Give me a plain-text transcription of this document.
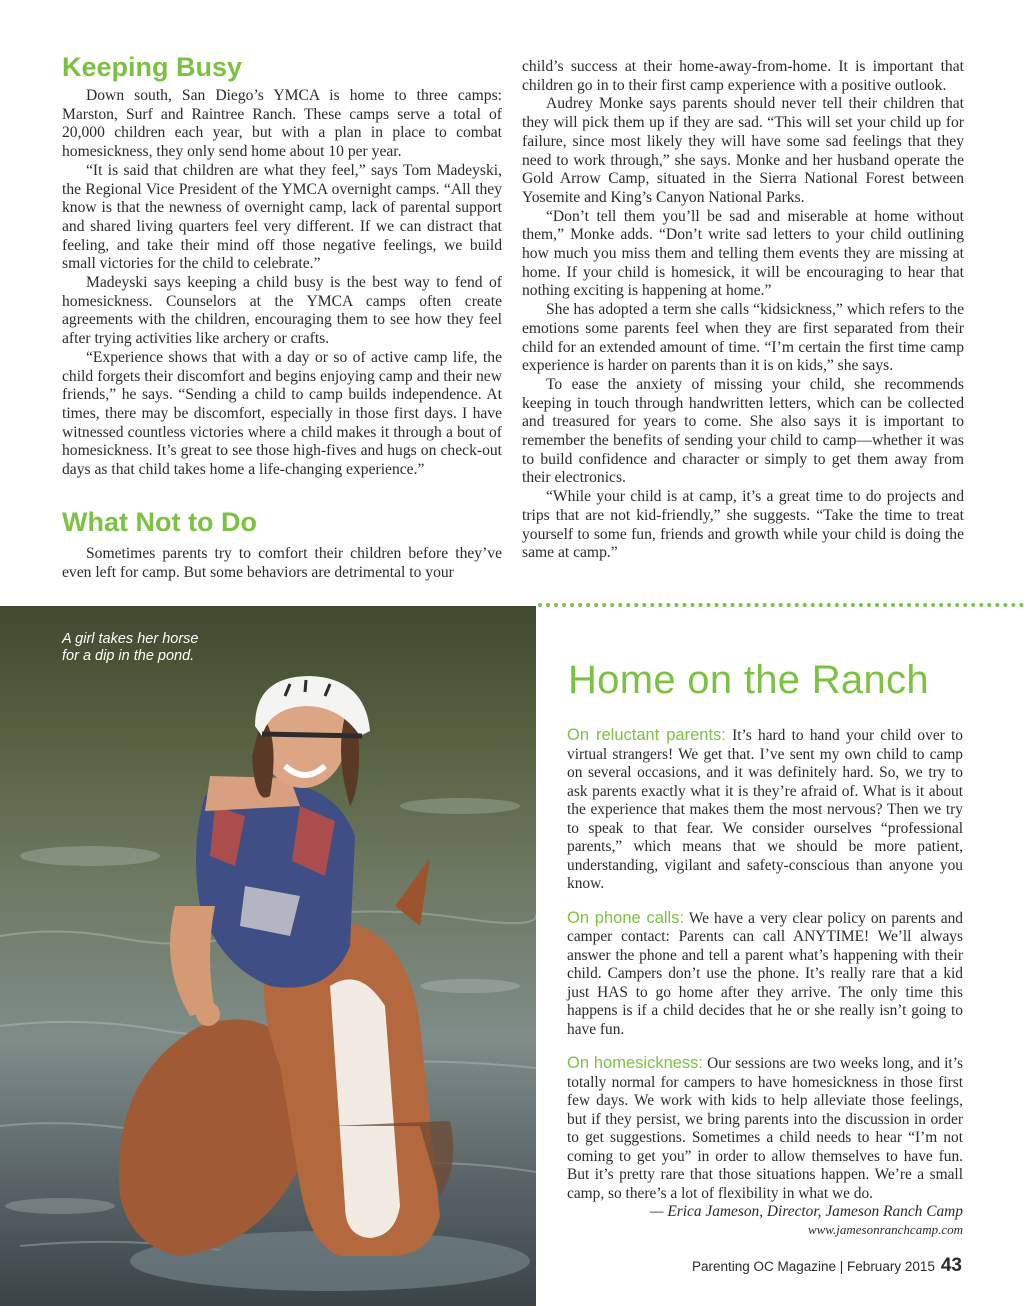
Keeping Busy

Down south, San Diego’s YMCA is home to three camps: Marston, Surf and Raintree Ranch. These camps serve a total of 20,000 children each year, but with a plan in place to combat homesickness, they only send home about 10 per year.

“It is said that children are what they feel,” says Tom Madeyski, the Regional Vice President of the YMCA overnight camps. “All they know is that the newness of overnight camp, lack of parental support and shared living quarters feel very different. If we can distract that feeling, and take their mind off those negative feelings, we build small victories for the child to celebrate.”

Madeyski says keeping a child busy is the best way to fend of homesickness. Counselors at the YMCA camps often create agreements with the children, encouraging them to see how they feel after trying activities like archery or crafts.

“Experience shows that with a day or so of active camp life, the child forgets their discomfort and begins enjoying camp and their new friends,” he says. “Sending a child to camp builds independence. At times, there may be discomfort, especially in those first days. I have witnessed countless victories where a child makes it through a bout of homesickness. It’s great to see those high-fives and hugs on check-out days as that child takes home a life-changing experience.”

What Not to Do

Sometimes parents try to comfort their children before they’ve even left for camp. But some behaviors are detrimental to your

child’s success at their home-away-from-home. It is important that children go in to their first camp experience with a positive outlook.

Audrey Monke says parents should never tell their children that they will pick them up if they are sad. “This will set your child up for failure, since most likely they will have some sad feelings that they need to work through,” she says. Monke and her husband operate the Gold Arrow Camp, situated in the Sierra National Forest between Yosemite and King’s Canyon National Parks.

“Don’t tell them you’ll be sad and miserable at home without them,” Monke adds. “Don’t write sad letters to your child outlining how much you miss them and telling them events they are missing at home. If your child is homesick, it will be encouraging to hear that nothing exciting is happening at home.”

She has adopted a term she calls “kidsickness,” which refers to the emotions some parents feel when they are first separated from their child for an extended amount of time. “I’m certain the first time camp experience is harder on parents than it is on kids,” she says.

To ease the anxiety of missing your child, she recommends keeping in touch through handwritten letters, which can be collected and treasured for years to come. She also says it is important to remember the benefits of sending your child to camp—whether it was to build confidence and character or simply to get them away from their electronics.

“While your child is at camp, it’s a great time to do projects and trips that are not kid-friendly,” she suggests. “Take the time to treat yourself to some fun, friends and growth while your child is doing the same at camp.”

A girl takes her horse
for a dip in the pond.
Home on the Ranch

On reluctant parents: It’s hard to hand your child over to virtual strangers! We get that. I’ve sent my own child to camp on several occasions, and it was definitely hard. So, we try to ask parents exactly what it is they’re afraid of. What is it about the experience that makes them the most nervous? Then we try to speak to that fear. We consider ourselves “professional parents,” which means that we should be more patient, understanding, vigilant and safety-conscious than anyone you know.

On phone calls: We have a very clear policy on parents and camper contact: Parents can call ANYTIME! We’ll always answer the phone and tell a parent what’s happening with their child. Campers don’t use the phone. It’s really rare that a kid just HAS to go home after they arrive. The only time this happens is if a child decides that he or she really isn’t going to have fun.

On homesickness: Our sessions are two weeks long, and it’s totally normal for campers to have homesickness in those first few days. We work with kids to help alleviate those feelings, but if they persist, we bring parents into the discussion in order to get suggestions. Sometimes a child needs to hear “I’m not coming to get you” in order to allow themselves to have fun. But it’s pretty rare that those situations happen. We’re a small camp, so there’s a lot of flexibility in what we do.

— Erica Jameson, Director, Jameson Ranch Camp
www.jamesonranchcamp.com
Parenting OC Magazine | February 2015 43
